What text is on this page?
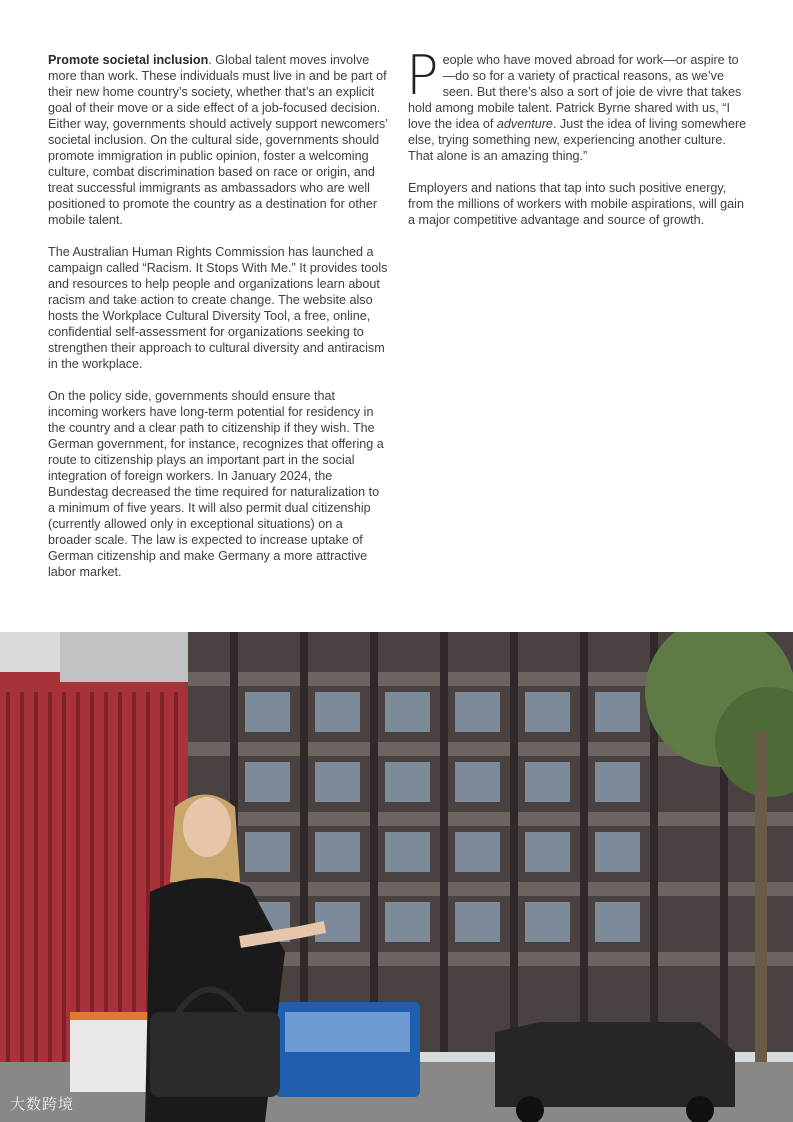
Promote societal inclusion. Global talent moves involve more than work. These individuals must live in and be part of their new home country’s society, whether that’s an explicit goal of their move or a side effect of a job-focused decision. Either way, governments should actively support newcomers’ societal inclusion. On the cultural side, governments should promote immigration in public opinion, foster a welcoming culture, combat discrimination based on race or origin, and treat successful immigrants as ambassadors who are well positioned to promote the country as a destination for other mobile talent.

The Australian Human Rights Commission has launched a campaign called “Racism. It Stops With Me.” It provides tools and resources to help people and organizations learn about racism and take action to create change. The website also hosts the Workplace Cultural Diversity Tool, a free, online, confidential self-assessment for organizations seeking to strengthen their approach to cultural diversity and antiracism in the workplace.

On the policy side, governments should ensure that incoming workers have long-term potential for residency in the country and a clear path to citizenship if they wish. The German government, for instance, recognizes that offering a route to citizenship plays an important part in the social integration of foreign workers. In January 2024, the Bundestag decreased the time required for naturalization to a minimum of five years. It will also permit dual citizenship (currently allowed only in exceptional situations) on a broader scale. The law is expected to increase uptake of German citizenship and make Germany a more attractive labor market.

People who have moved abroad for work—or aspire to—do so for a variety of practical reasons, as we’ve seen. But there’s also a sort of joie de vivre that takes hold among mobile talent. Patrick Byrne shared with us, “I love the idea of adventure. Just the idea of living somewhere else, trying something new, experiencing another culture. That alone is an amazing thing.”

Employers and nations that tap into such positive energy, from the millions of workers with mobile aspirations, will gain a major competitive advantage and source of growth.

大数跨境
